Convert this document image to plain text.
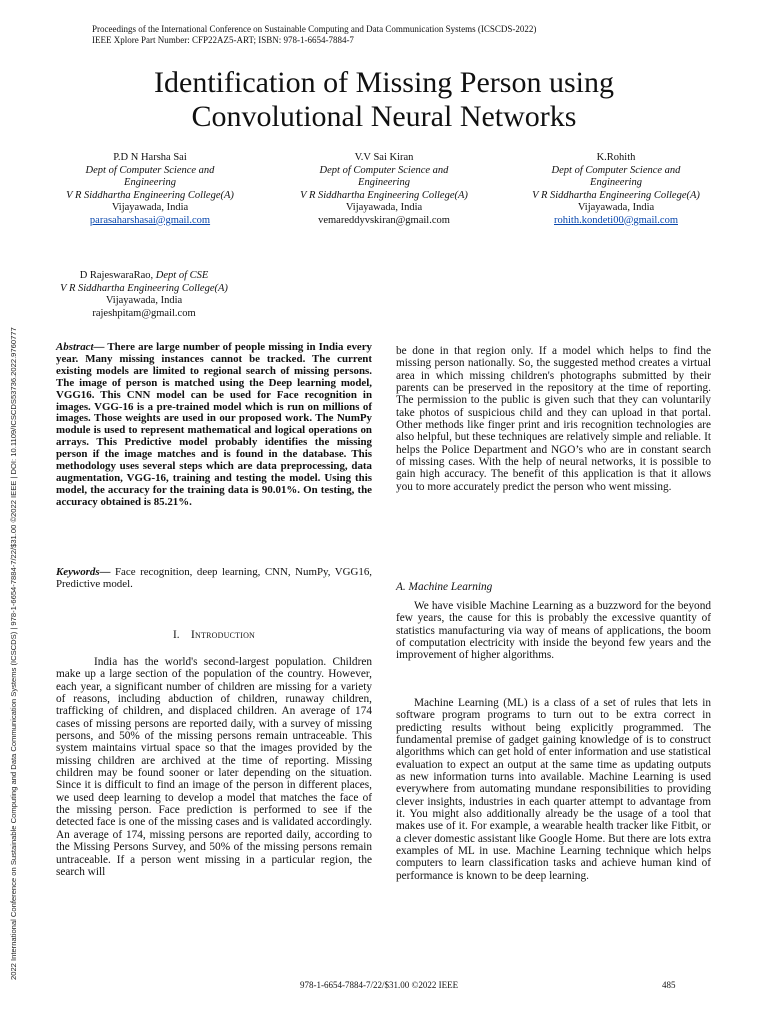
Proceedings of the International Conference on Sustainable Computing and Data Communication Systems (ICSCDS-2022)
IEEE Xplore Part Number: CFP22AZ5-ART; ISBN: 978-1-6654-7884-7
2022 International Conference on Sustainable Computing and Data Communication Systems (ICSCDS) | 978-1-6654-7884-7/22/$31.00 ©2022 IEEE | DOI: 10.1109/ICSCDS53736.2022.9760777
Identification of Missing Person using
Convolutional Neural Networks
P.D N Harsha Sai
Dept of Computer Science and
Engineering
V R Siddhartha Engineering College(A)
Vijayawada, India
parasaharshasai@gmail.com
V.V Sai Kiran
Dept of Computer Science and
Engineering
V R Siddhartha Engineering College(A)
Vijayawada, India
vemareddyvskiran@gmail.com
K.Rohith
Dept of Computer Science and
Engineering
V R Siddhartha Engineering College(A)
Vijayawada, India
rohith.kondeti00@gmail.com
D RajeswaraRao, Dept of CSE
V R Siddhartha Engineering College(A)
Vijayawada, India
rajeshpitam@gmail.com
Abstract— There are large number of people missing in India every year. Many missing instances cannot be tracked. The current existing models are limited to regional search of missing persons. The image of person is matched using the Deep learning model, VGG16. This CNN model can be used for Face recognition in images. VGG-16 is a pre-trained model which is run on millions of images. Those weights are used in our proposed work. The NumPy module is used to represent mathematical and logical operations on arrays. This Predictive model probably identifies the missing person if the image matches and is found in the database. This methodology uses several steps which are data preprocessing, data augmentation, VGG-16, training and testing the model. Using this model, the accuracy for the training data is 90.01%. On testing, the accuracy obtained is 85.21%.
Keywords— Face recognition, deep learning, CNN, NumPy, VGG16, Predictive model.
I. Introduction
India has the world's second-largest population. Children make up a large section of the population of the country. However, each year, a significant number of children are missing for a variety of reasons, including abduction of children, runaway children, trafficking of children, and displaced children. An average of 174 cases of missing persons are reported daily, with a survey of missing persons, and 50% of the missing persons remain untraceable. This system maintains virtual space so that the images provided by the missing children are archived at the time of reporting. Missing children may be found sooner or later depending on the situation. Since it is difficult to find an image of the person in different places, we used deep learning to develop a model that matches the face of the missing person. Face prediction is performed to see if the detected face is one of the missing cases and is validated accordingly. An average of 174, missing persons are reported daily, according to the Missing Persons Survey, and 50% of the missing persons remain untraceable. If a person went missing in a particular region, the search will
be done in that region only. If a model which helps to find the missing person nationally. So, the suggested method creates a virtual area in which missing children's photographs submitted by their parents can be preserved in the repository at the time of reporting. The permission to the public is given such that they can voluntarily take photos of suspicious child and they can upload in that portal. Other methods like finger print and iris recognition technologies are also helpful, but these techniques are relatively simple and reliable. It helps the Police Department and NGO’s who are in constant search of missing cases. With the help of neural networks, it is possible to gain high accuracy. The benefit of this application is that it allows you to more accurately predict the person who went missing.
A. Machine Learning
We have visible Machine Learning as a buzzword for the beyond few years, the cause for this is probably the excessive quantity of statistics manufacturing via way of means of applications, the boom of computation electricity with inside the beyond few years and the improvement of higher algorithms.
Machine Learning (ML) is a class of a set of rules that lets in software program programs to turn out to be extra correct in predicting results without being explicitly programmed. The fundamental premise of gadget gaining knowledge of is to construct algorithms which can get hold of enter information and use statistical evaluation to expect an output at the same time as updating outputs as new information turns into available. Machine Learning is used everywhere from automating mundane responsibilities to providing clever insights, industries in each quarter attempt to advantage from it. You might also additionally already be the usage of a tool that makes use of it. For example, a wearable health tracker like Fitbit, or a clever domestic assistant like Google Home. But there are lots extra examples of ML in use. Machine Learning technique which helps computers to learn classification tasks and achieve human kind of performance is known to be deep learning.
978-1-6654-7884-7/22/$31.00 ©2022 IEEE	485
